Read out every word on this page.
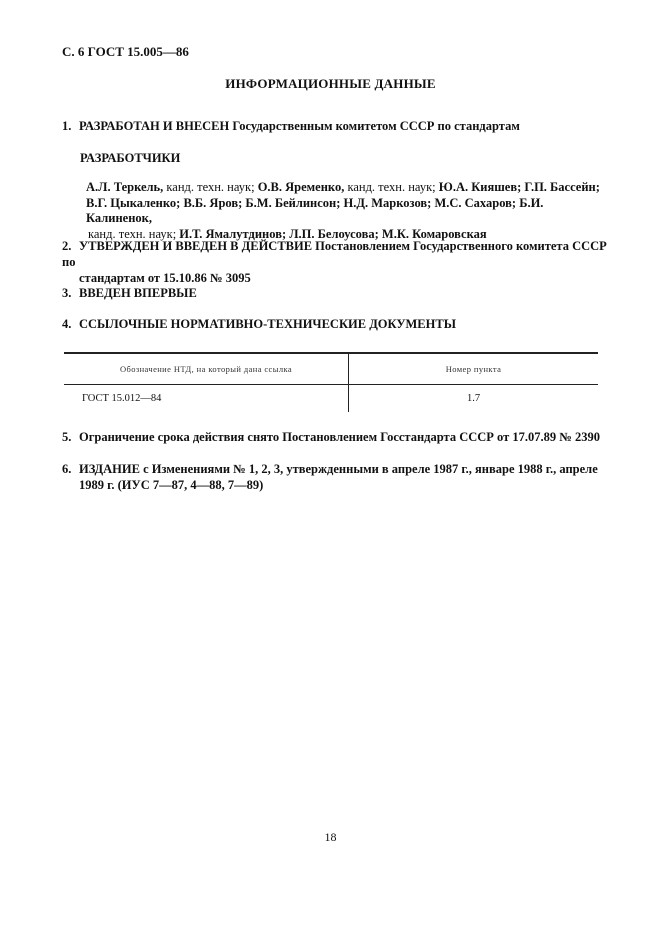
С. 6 ГОСТ 15.005—86
ИНФОРМАЦИОННЫЕ ДАННЫЕ
1. РАЗРАБОТАН И ВНЕСЕН Государственным комитетом СССР по стандартам
РАЗРАБОТЧИКИ
А.Л. Теркель, канд. техн. наук; О.В. Яременко, канд. техн. наук; Ю.А. Кияшев; Г.П. Бассейн;
В.Г. Цыкаленко; В.Б. Яров; Б.М. Бейлинсон; Н.Д. Маркозов; М.С. Сахаров; Б.И. Калиненок,
канд. техн. наук; И.Т. Ямалутдинов; Л.П. Белоусова; М.К. Комаровская
2. УТВЕРЖДЕН И ВВЕДЕН В ДЕЙСТВИЕ Постановлением Государственного комитета СССР по
стандартам от 15.10.86 № 3095
3. ВВЕДЕН ВПЕРВЫЕ
4. ССЫЛОЧНЫЕ НОРМАТИВНО-ТЕХНИЧЕСКИЕ ДОКУМЕНТЫ
Обозначение НТД, на который дана ссылка	Номер пункта
ГОСТ 15.012—84	1.7
5. Ограничение срока действия снято Постановлением Госстандарта СССР от 17.07.89 № 2390
6. ИЗДАНИЕ с Изменениями № 1, 2, 3, утвержденными в апреле 1987 г., январе 1988 г., апреле
1989 г. (ИУС 7—87, 4—88, 7—89)
18
